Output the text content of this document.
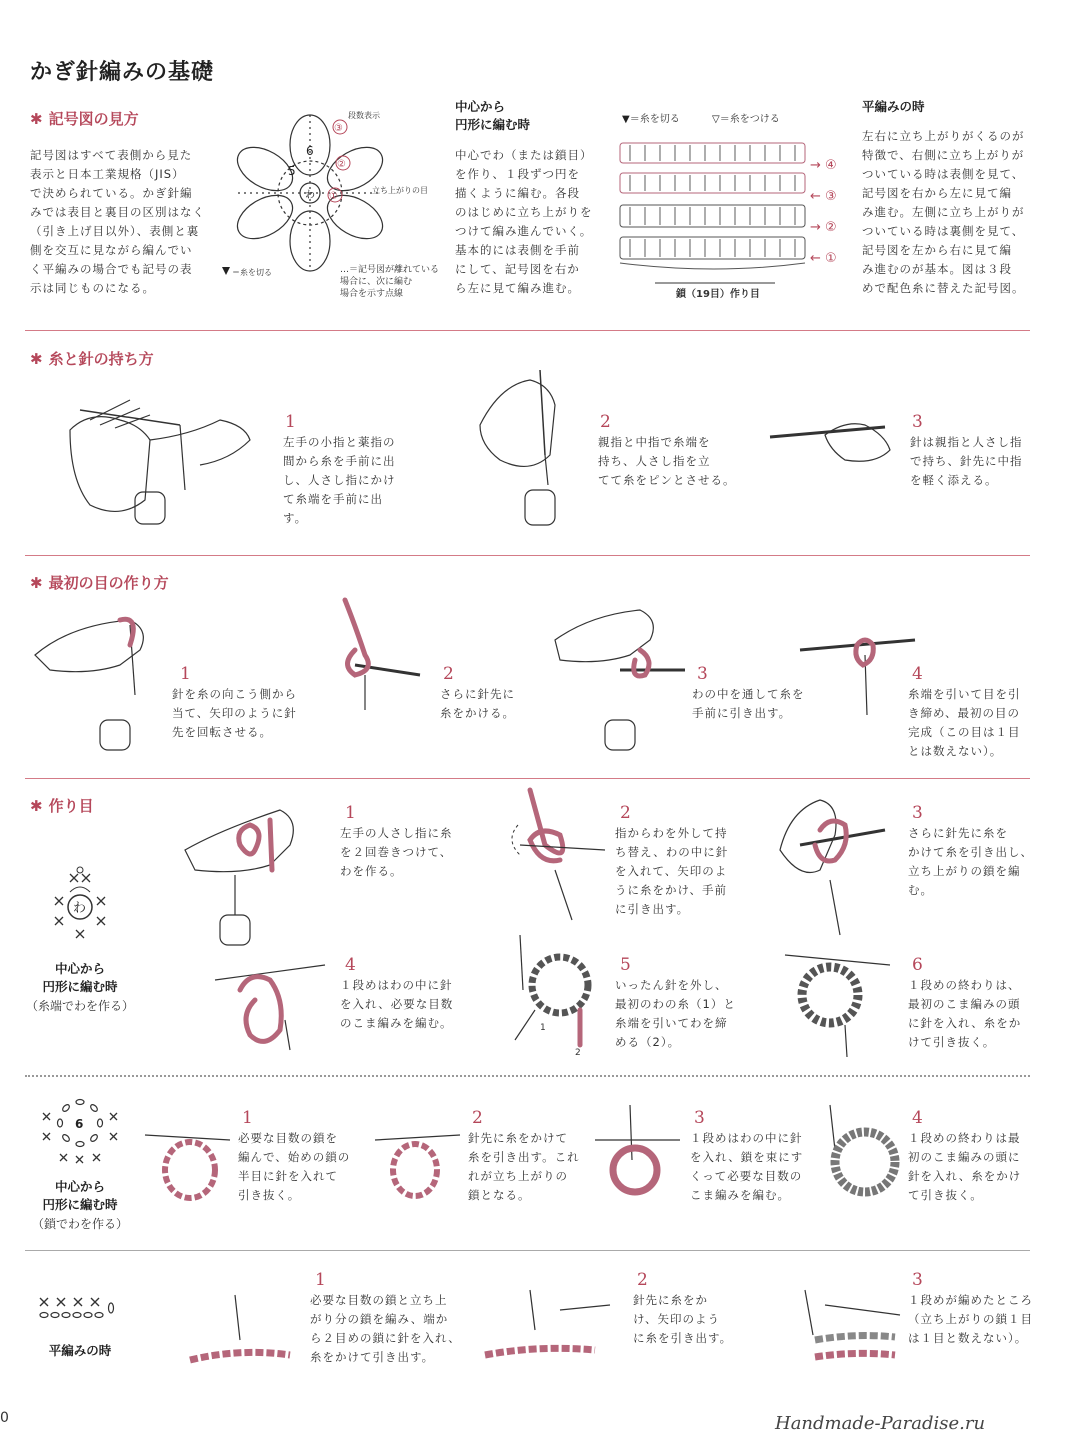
かぎ針編みの基礎
✱ 記号図の見方
記号図はすべて表側から見た
表示と日本工業規格（JIS）
で決められている。かぎ針編
みでは表目と裏目の区別はなく
（引き上げ目以外）、表側と裏
側を交互に見ながら編んでい
く平編みの場合でも記号の表
示は同じものになる。
6
5
わ
③
②
①
段数表示
立ち上がりの目
＝糸を切る	…＝記号図が離れている
場合に、次に編む
場合を示す点線
中心から
円形に編む時
中心でわ（または鎖目）
を作り、１段ずつ円を
描くように編む。各段
のはじめに立ち上がりを
つけて編み進んでいく。
基本的には表側を手前
にして、記号図を右か
ら左に見て編み進む。
▼＝糸を切る	▽＝糸をつける
鎖（19目）作り目
→ ④
← ③
→ ②
← ①
平編みの時
左右に立ち上がりがくるのが
特徴で、右側に立ち上がりが
ついている時は表側を見て、
記号図を右から左に見て編
み進む。左側に立ち上がりが
ついている時は裏側を見て、
記号図を左から右に見て編
み進むのが基本。図は３段
めで配色糸に替えた記号図。
✱ 糸と針の持ち方
1
左手の小指と薬指の
間から糸を手前に出
し、人さし指にかけ
て糸端を手前に出
す。
2
親指と中指で糸端を
持ち、人さし指を立
てて糸をピンとさせる。
3
針は親指と人さし指
で持ち、針先に中指
を軽く添える。
✱ 最初の目の作り方
1
針を糸の向こう側から
当て、矢印のように針
先を回転させる。
2
さらに針先に
糸をかける。
3
わの中を通して糸を
手前に引き出す。
4
糸端を引いて目を引
き締め、最初の目の
完成（この目は１目
とは数えない）。
✱ 作り目
わ
中心から
円形に編む時
（糸端でわを作る）
1
左手の人さし指に糸
を２回巻きつけて、
わを作る。
2
指からわを外して持
ち替え、わの中に針
を入れて、矢印のよ
うに糸をかけ、手前
に引き出す。
3
さらに針先に糸を
かけて糸を引き出し、
立ち上がりの鎖を編
む。
4
１段めはわの中に針
を入れ、必要な目数
のこま編みを編む。	1
2
5
いったん針を外し、
最初のわの糸（1）と
糸端を引いてわを締
める（2）。
6
１段めの終わりは、
最初のこま編みの頭
に針を入れ、糸をか
けて引き抜く。
6
中心から
円形に編む時
（鎖でわを作る）
1
必要な目数の鎖を
編んで、始めの鎖の
半目に針を入れて
引き抜く。
2
針先に糸をかけて
糸を引き出す。これ
れが立ち上がりの
鎖となる。
3
１段めはわの中に針
を入れ、鎖を束にす
くって必要な目数の
こま編みを編む。
4
１段めの終わりは最
初のこま編みの頭に
針を入れ、糸をかけ
て引き抜く。
平編みの時
1
必要な目数の鎖と立ち上
がり分の鎖を編み、端か
ら２目めの鎖に針を入れ、
糸をかけて引き出す。
2
針先に糸をか
け、矢印のよう
に糸を引き出す。
3
１段めが編めたところ
（立ち上がりの鎖１目
は１目と数えない）。
0	Handmade-Paradise.ru
